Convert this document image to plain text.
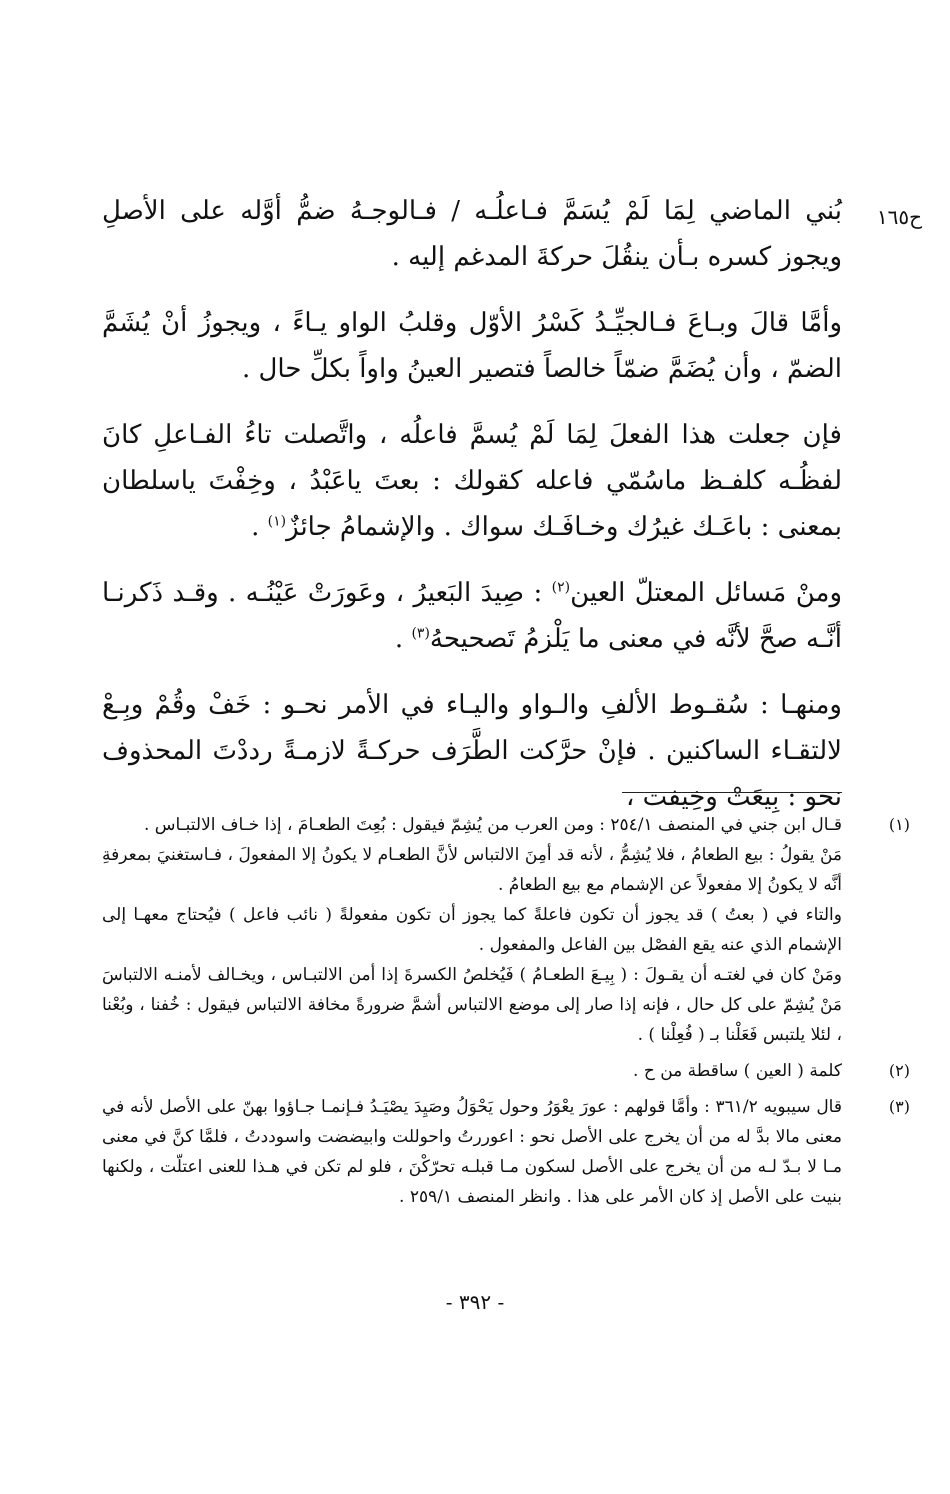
ح١٦٥

بُني الماضي لِمَا لَمْ يُسَمَّ فـاعلُـه / فـالوجـهُ ضمُّ أوَّله على الأصلِ ويجوز كسره بـأن ينقُلَ حركةَ المدغم إليه .

وأمَّا قالَ وبـاعَ فـالجيِّـدُ كَسْرُ الأوّل وقلبُ الواو يـاءً ، ويجوزُ أنْ يُشَمَّ الضمّ ، وأن يُضَمَّ ضمّاً خالصاً فتصير العينُ واواً بكلِّ حال .

فإن جعلت هذا الفعلَ لِمَا لَمْ يُسمَّ فاعلُه ، واتَّصلت تاءُ الفـاعلِ كانَ لفظُـه كلفـظ ماسُمّي فاعله كقولك : بعتَ ياعَبْدُ ، وخِفْتَ ياسلطان بمعنى : باعَـك غيرُك وخـافَـك سواك . والإشمامُ جائزٌ$^{(١)}$ .

ومنْ مَسائل المعتلّ العين$^{(٢)}$ : صِيدَ البَعيرُ ، وعَورَتْ عَيْنُـه . وقـد ذَكرنـا أنَّـه صحَّ لأنَّه في معنى ما يَلْزمُ تَصحيحهُ$^{(٣)}$ .

ومنهـا : سُقـوط الألفِ والـواو واليـاء في الأمر نحـو : خَفْ وقُمْ وبِـعْ لالتقـاء الساكنين . فإنْ حرَّكت الطَّرَف حركـةً لازمـةً رددْتَ المحذوف نحو : بِيعَتْ وخِيفت ،

(١)

قـال ابن جني في المنصف ٢٥٤/١ : ومن العرب من يُشِمّ فيقول : بُعِتَ الطعـامَ ، إذا خـاف الالتبـاس .

مَنْ يقولُ : بيع الطعامُ ، فلا يُشِمُّ ، لأنه قد أمِنَ الالتباس لأنَّ الطعـام لا يكونُ إلا المفعولَ ، فـاستغنيَ بمعرفةِ أنَّه لا يكونُ إلا مفعولاً عن الإشمام مع بيع الطعامُ .

والتاء في ( بعتُ ) قد يجوز أن تكون فاعلةً كما يجوز أن تكون مفعولةً ( نائب فاعل ) فيُحتاج معهـا إلى الإشمام الذي عنه يقع الفصْل بين الفاعل والمفعول .

ومَنْ كان في لغتـه أن يقـولَ : ( بِيـعَ الطعـامُ ) فَيُخلصُ الكسرةَ إذا أمن الالتبـاس ، ويخـالف لأمنـه الالتباسَ مَنْ يُشِمّ على كل حال ، فإنه إذا صار إلى موضع الالتباس أشمَّ ضرورةً مخافة الالتباس فيقول : خُفنا ، وبُعْنا ، لئلا يلتبس فَعَلْنا بـ ( فُعِلْنا ) .

(٢)

كلمة ( العين ) ساقطة من ح .

(٣)

قال سيبويه ٣٦١/٢ : وأمَّا قولهم : عورَ يعْوَرُ وحول يَحْوَلُ وصَيِدَ يصْيَـدُ فـإنمـا جـاؤوا بهنّ على الأصل لأنه في معنى مالا بدَّ له من أن يخرج على الأصل نحو : اعوررتُ واحوللت وابيضضت واسوددتُ ، فلمَّا كنَّ في معنى مـا لا بـدّ لـه من أن يخرج على الأصل لسكون مـا قبلـه تحرّكْنَ ، فلو لم تكن في هـذا للعنى اعتلّت ، ولكنها بنيت على الأصل إذ كان الأمر على هذا . وانظر المنصف ٢٥٩/١ .

- ٣٩٢ -
